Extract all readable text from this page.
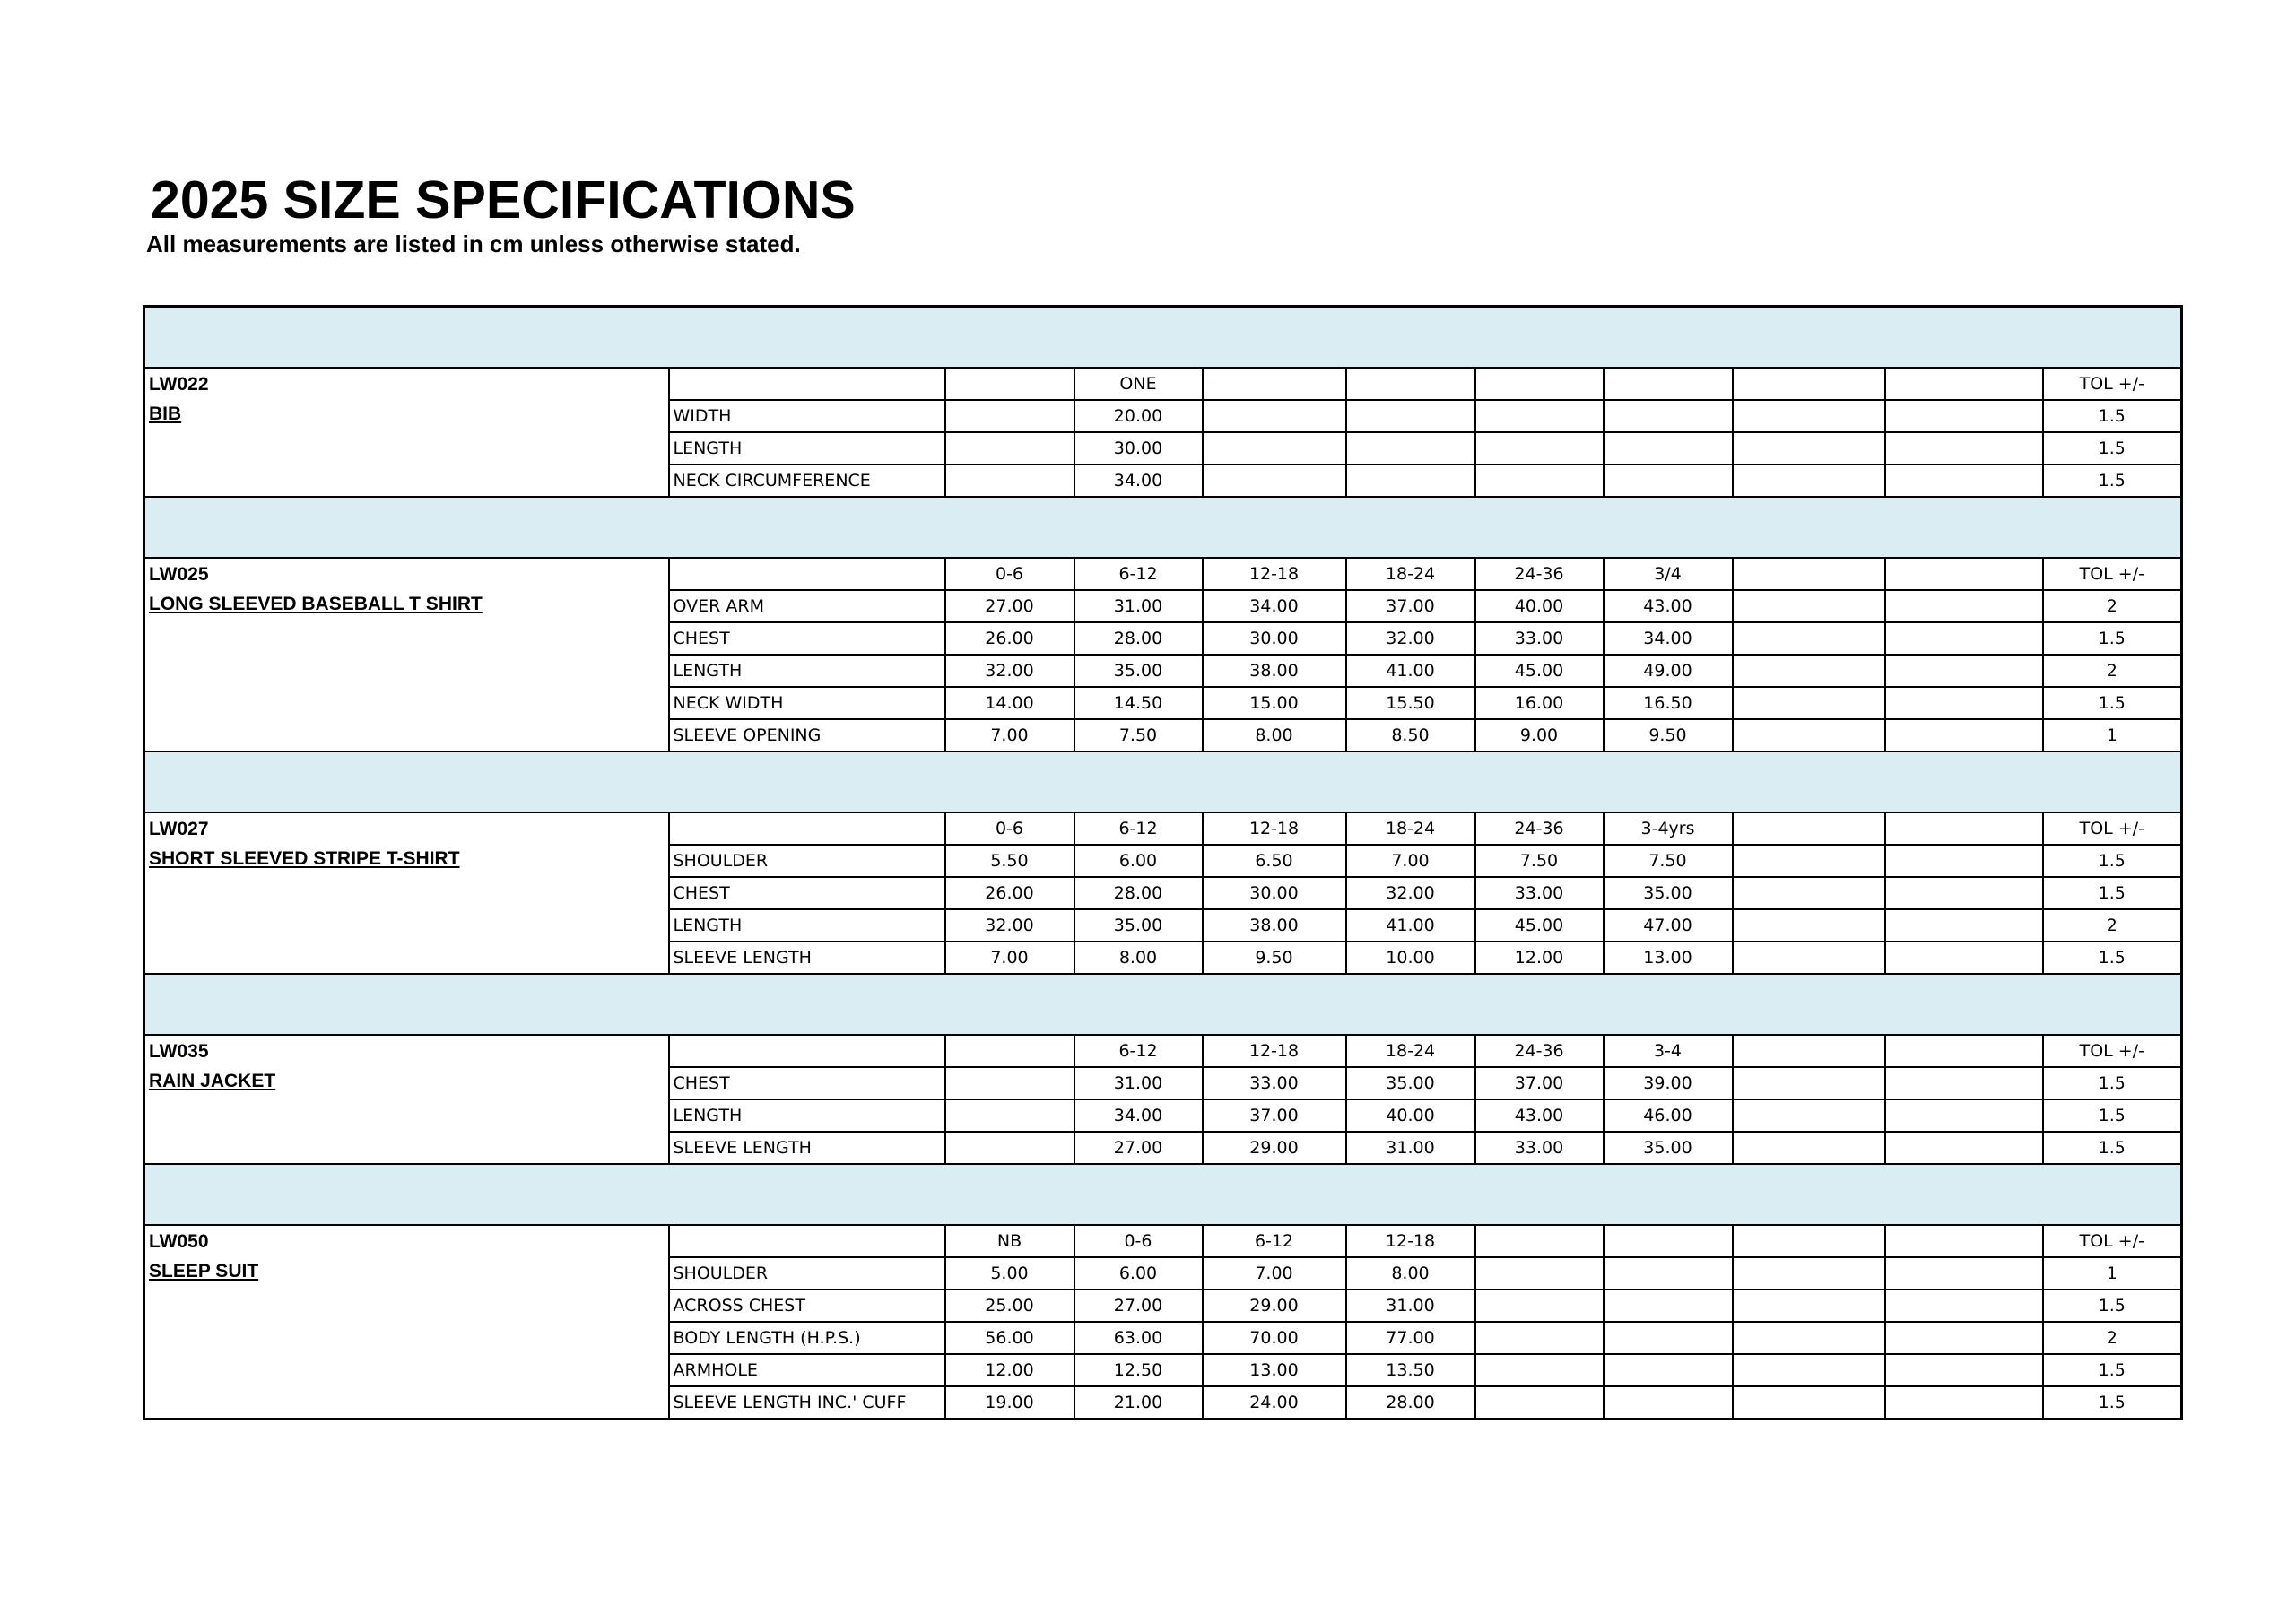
2025 SIZE SPECIFICATIONS
All measurements are listed in cm unless otherwise stated.

LW022
BIB			ONE							TOL +/-
	WIDTH		20.00							1.5
	LENGTH		30.00							1.5
	NECK CIRCUMFERENCE		34.00							1.5

LW025
LONG SLEEVED BASEBALL T SHIRT		0-6	6-12	12-18	18-24	24-36	3/4			TOL +/-
	OVER ARM	27.00	31.00	34.00	37.00	40.00	43.00			2
	CHEST	26.00	28.00	30.00	32.00	33.00	34.00			1.5
	LENGTH	32.00	35.00	38.00	41.00	45.00	49.00			2
	NECK WIDTH	14.00	14.50	15.00	15.50	16.00	16.50			1.5
	SLEEVE OPENING	7.00	7.50	8.00	8.50	9.00	9.50			1

LW027
SHORT SLEEVED STRIPE T-SHIRT		0-6	6-12	12-18	18-24	24-36	3-4yrs			TOL +/-
	SHOULDER	5.50	6.00	6.50	7.00	7.50	7.50			1.5
	CHEST	26.00	28.00	30.00	32.00	33.00	35.00			1.5
	LENGTH	32.00	35.00	38.00	41.00	45.00	47.00			2
	SLEEVE LENGTH	7.00	8.00	9.50	10.00	12.00	13.00			1.5

LW035
RAIN JACKET			6-12	12-18	18-24	24-36	3-4			TOL +/-
	CHEST		31.00	33.00	35.00	37.00	39.00			1.5
	LENGTH		34.00	37.00	40.00	43.00	46.00			1.5
	SLEEVE LENGTH		27.00	29.00	31.00	33.00	35.00			1.5

LW050
SLEEP SUIT		NB	0-6	6-12	12-18					TOL +/-
	SHOULDER	5.00	6.00	7.00	8.00					1
	ACROSS CHEST	25.00	27.00	29.00	31.00					1.5
	BODY LENGTH (H.P.S.)	56.00	63.00	70.00	77.00					2
	ARMHOLE	12.00	12.50	13.00	13.50					1.5
	SLEEVE LENGTH INC.' CUFF	19.00	21.00	24.00	28.00					1.5
